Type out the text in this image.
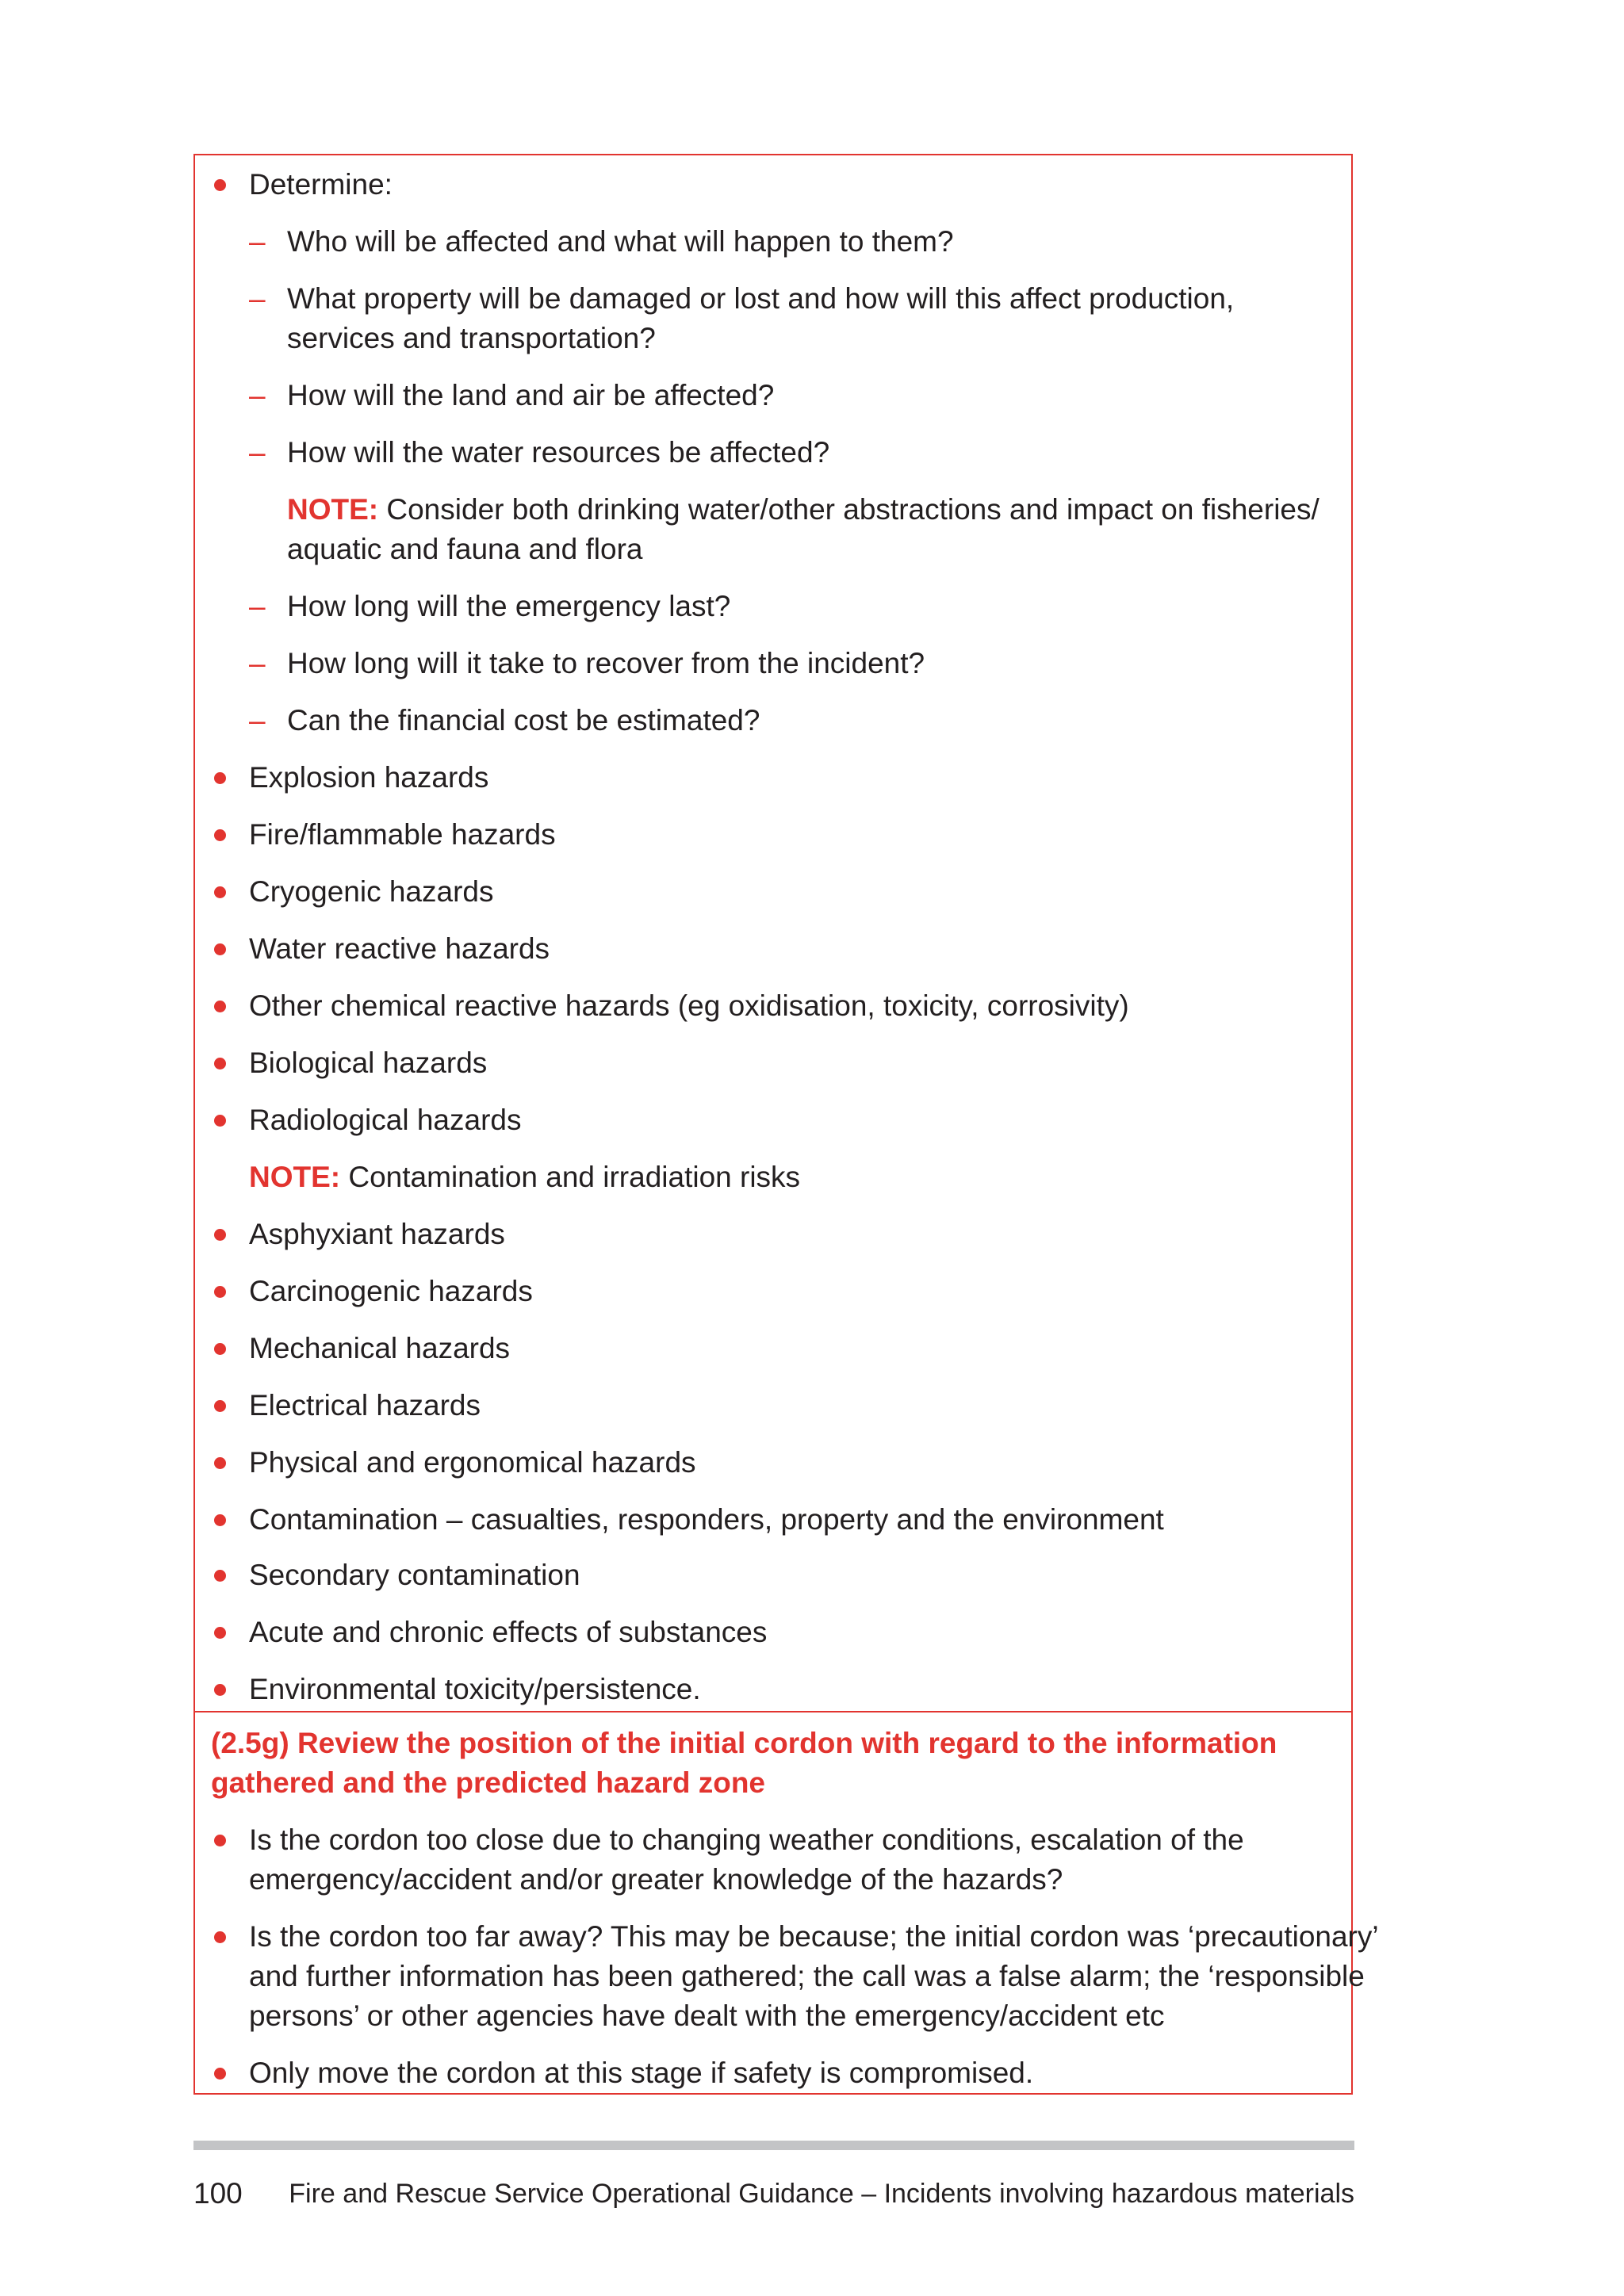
Determine:
– Who will be affected and what will happen to them?
– What property will be damaged or lost and how will this affect production,
services and transportation?
– How will the land and air be affected?
– How will the water resources be affected?
NOTE: Consider both drinking water/other abstractions and impact on fisheries/
aquatic and fauna and flora
– How long will the emergency last?
– How long will it take to recover from the incident?
– Can the financial cost be estimated?
Explosion hazards
Fire/flammable hazards
Cryogenic hazards
Water reactive hazards
Other chemical reactive hazards (eg oxidisation, toxicity, corrosivity)
Biological hazards
Radiological hazards
NOTE: Contamination and irradiation risks
Asphyxiant hazards
Carcinogenic hazards
Mechanical hazards
Electrical hazards
Physical and ergonomical hazards
Contamination – casualties, responders, property and the environment
Secondary contamination
Acute and chronic effects of substances
Environmental toxicity/persistence.
(2.5g) Review the position of the initial cordon with regard to the information
gathered and the predicted hazard zone
Is the cordon too close due to changing weather conditions, escalation of the
emergency/accident and/or greater knowledge of the hazards?
Is the cordon too far away? This may be because; the initial cordon was ‘precautionary’
and further information has been gathered; the call was a false alarm; the ‘responsible
persons’ or other agencies have dealt with the emergency/accident etc
Only move the cordon at this stage if safety is compromised.
100 Fire and Rescue Service Operational Guidance – Incidents involving hazardous materials
